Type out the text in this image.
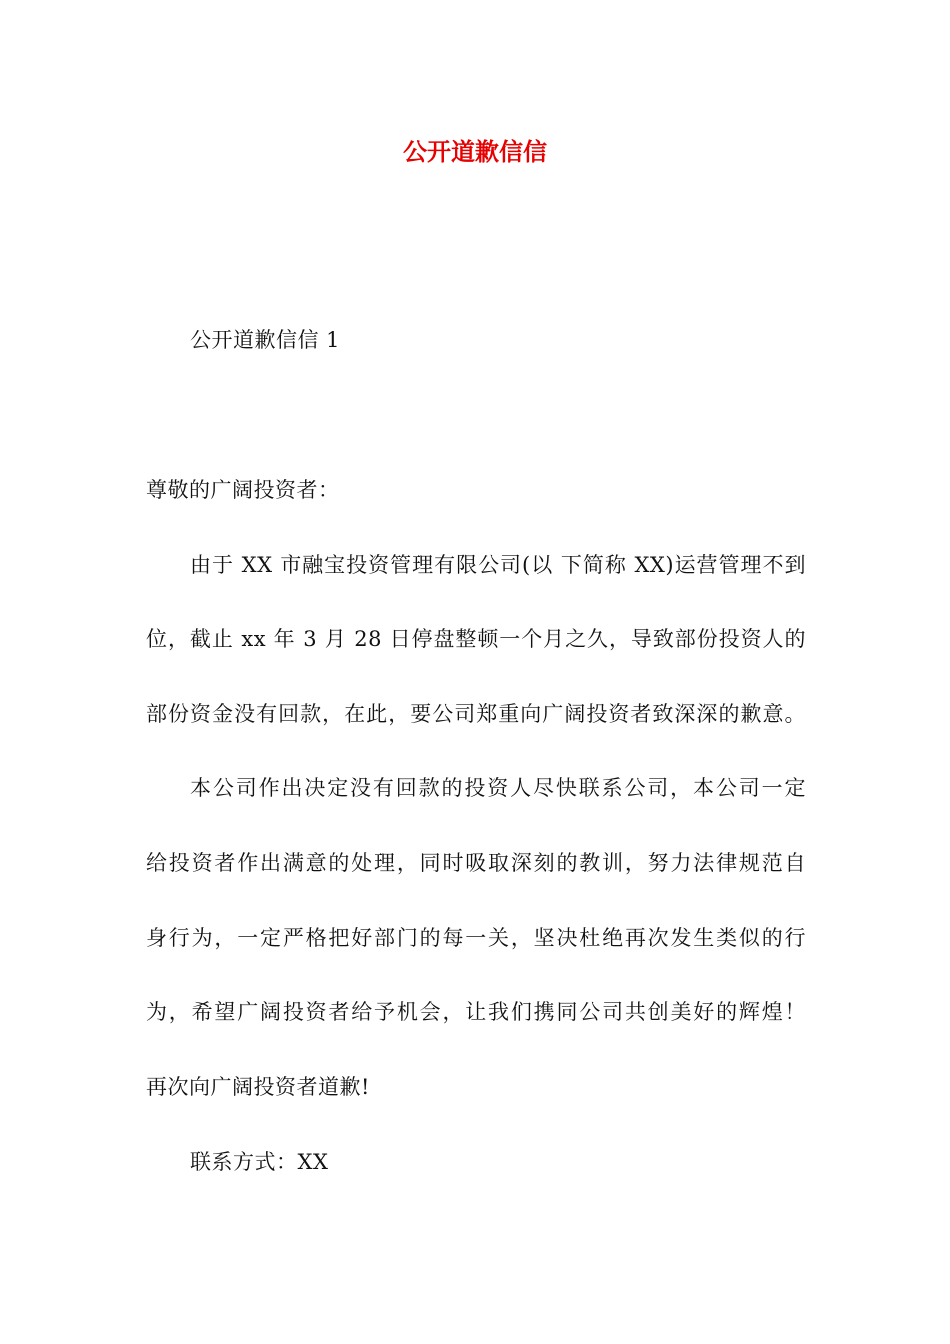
公开道歉信信

公开道歉信信 1

尊敬的广阔投资者：

由于 XX 市融宝投资管理有限公司(以 下简称 XX)运营管理不到

位，截止 xx 年 3 月 28 日停盘整顿一个月之久，导致部份投资人的

部份资金没有回款，在此，要公司郑重向广阔投资者致深深的歉意。

本公司作出决定没有回款的投资人尽快联系公司，本公司一定

给投资者作出满意的处理，同时吸取深刻的教训，努力法律规范自

身行为，一定严格把好部门的每一关，坚决杜绝再次发生类似的行

为，希望广阔投资者给予机会，让我们携同公司共创美好的辉煌！

再次向广阔投资者道歉!

联系方式：XX
